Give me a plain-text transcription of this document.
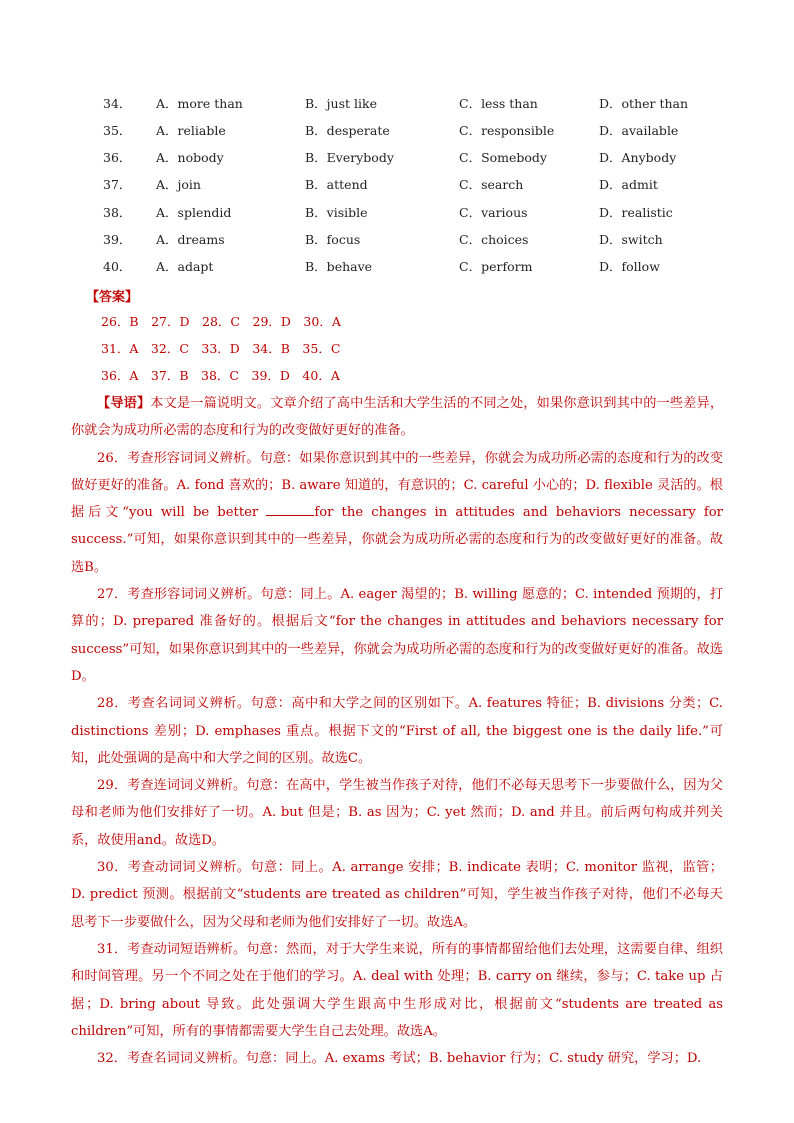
34． A．more than	B．just like	C．less than	D．other than
35． A．reliable	B．desperate	C．responsible	D．available
36． A．nobody	B．Everybody	C．Somebody	D．Anybody
37． A．join	B．attend	C．search	D．admit
38． A．splendid	B．visible	C．various	D．realistic
39． A．dreams	B．focus	C．choices	D．switch
40． A．adapt	B．behave	C．perform	D．follow
【答案】
26．B　27．D　28．C　29．D　30．A
31．A　32．C　33．D　34．B　35．C
36．A　37．B　38．C　39．D　40．A

【导语】本文是一篇说明文。文章介绍了高中生活和大学生活的不同之处，如果你意识到其中的一些差异，你就会为成功所必需的态度和行为的改变做好更好的准备。

26．考查形容词词义辨析。句意：如果你意识到其中的一些差异，你就会为成功所必需的态度和行为的改变做好更好的准备。A. fond 喜欢的；B. aware 知道的，有意识的；C. careful 小心的；D. flexible 灵活的。根据后文“you will be better	for the changes in attitudes and behaviors necessary for success.”可知，如果你意识到其中的一些差异，你就会为成功所必需的态度和行为的改变做好更好的准备。故选B。

27．考查形容词词义辨析。句意：同上。A. eager 渴望的；B. willing 愿意的；C. intended 预期的，打算的；D. prepared 准备好的。根据后文“for the changes in attitudes and behaviors necessary for success”可知，如果你意识到其中的一些差异，你就会为成功所必需的态度和行为的改变做好更好的准备。故选D。

28．考查名词词义辨析。句意：高中和大学之间的区别如下。A. features 特征；B. divisions 分类；C. distinctions 差别；D. emphases 重点。根据下文的“First of all, the biggest one is the daily life.”可知，此处强调的是高中和大学之间的区别。故选C。

29．考查连词词义辨析。句意：在高中，学生被当作孩子对待，他们不必每天思考下一步要做什么，因为父母和老师为他们安排好了一切。A. but 但是；B. as 因为；C. yet 然而；D. and 并且。前后两句构成并列关系，故使用and。故选D。

30．考查动词词义辨析。句意：同上。A. arrange 安排；B. indicate 表明；C. monitor 监视，监管；D. predict 预测。根据前文“students are treated as children”可知，学生被当作孩子对待，他们不必每天思考下一步要做什么，因为父母和老师为他们安排好了一切。故选A。

31．考查动词短语辨析。句意：然而，对于大学生来说，所有的事情都留给他们去处理，这需要自律、组织和时间管理。另一个不同之处在于他们的学习。A. deal with 处理；B. carry on 继续，参与；C. take up 占据；D. bring about 导致。此处强调大学生跟高中生形成对比，根据前文“students are treated as children”可知，所有的事情都需要大学生自己去处理。故选A。

32．考查名词词义辨析。句意：同上。A. exams 考试；B. behavior 行为；C. study 研究，学习；D.
